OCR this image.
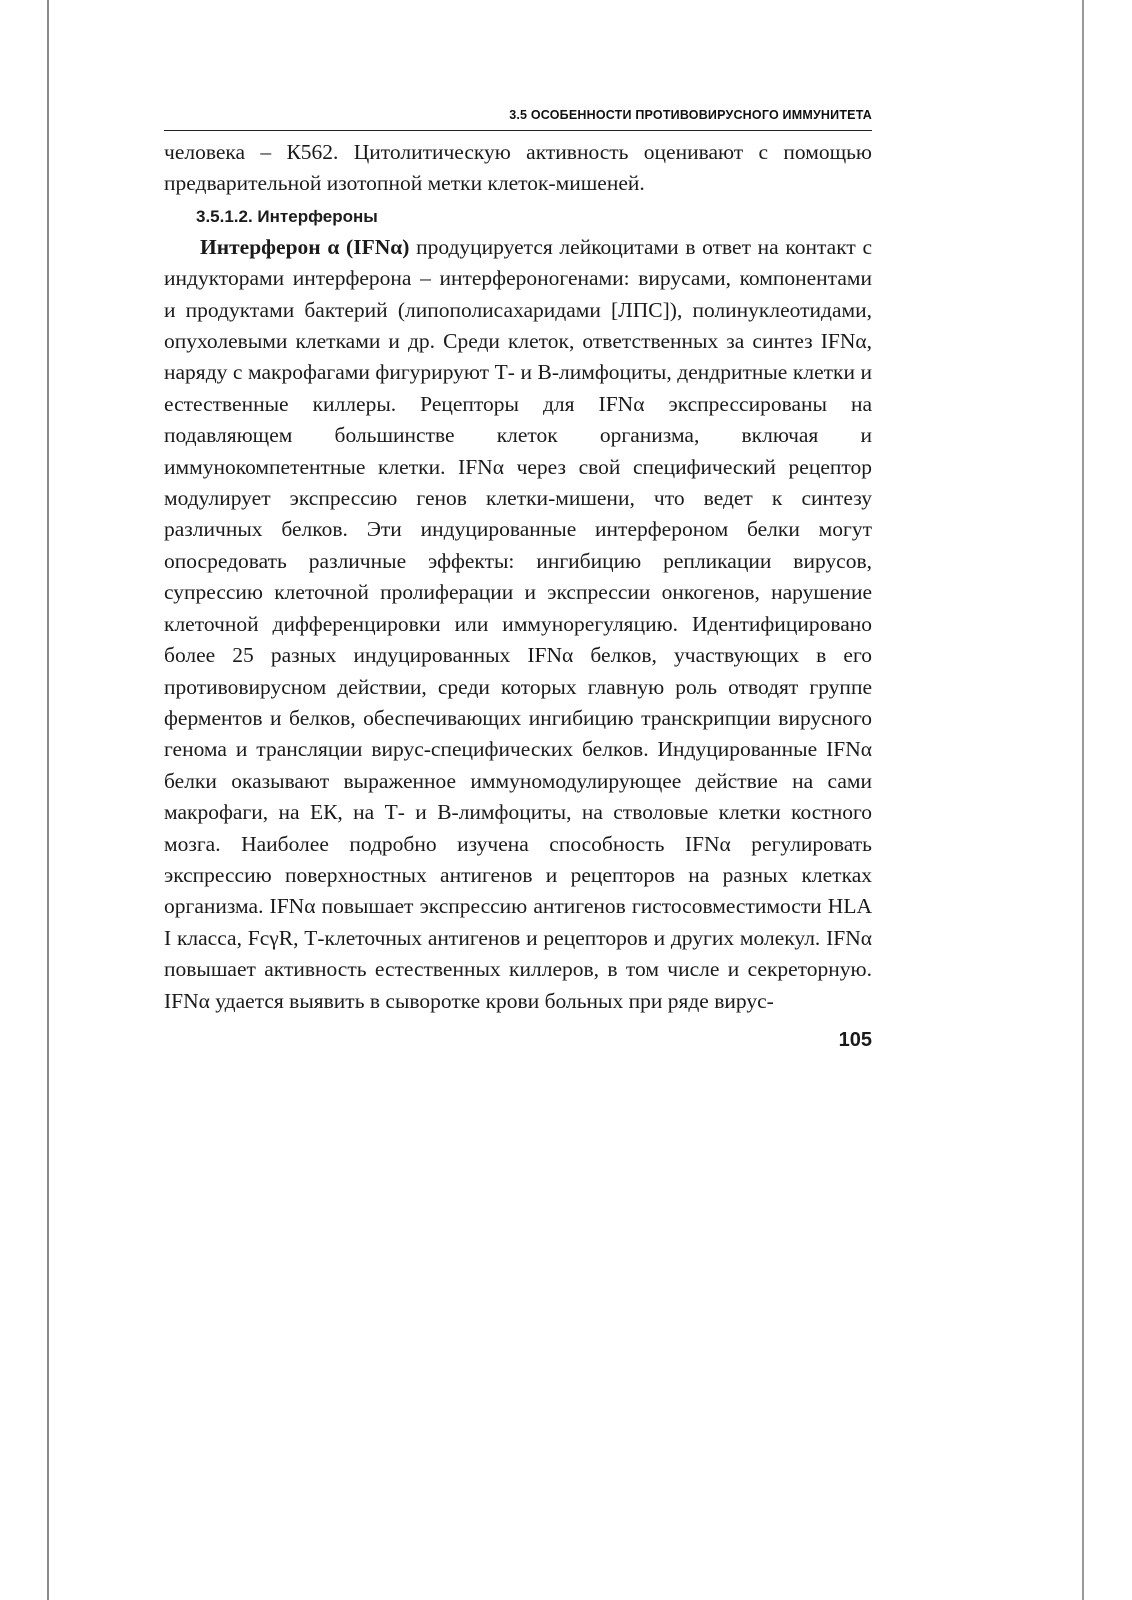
3.5 ОСОБЕННОСТИ ПРОТИВОВИРУСНОГО ИММУНИТЕТА

человека – К562. Цитолитическую активность оценивают с помощью предварительной изотопной метки клеток-мишеней.

3.5.1.2. Интерфероны

Интерферон α (IFNα) продуцируется лейкоцитами в ответ на контакт с индукторами интерферона – интерфероногенами: вирусами, компонентами и продуктами бактерий (липополисахаридами [ЛПС]), полинуклеотидами, опухолевыми клетками и др. Среди клеток, ответственных за синтез IFNα, наряду с макрофагами фигурируют Т- и В-лимфоциты, дендритные клетки и естественные киллеры. Рецепторы для IFNα экспрессированы на подавляющем большинстве клеток организма, включая и иммунокомпетентные клетки. IFNα через свой специфический рецептор модулирует экспрессию генов клетки-мишени, что ведет к синтезу различных белков. Эти индуцированные интерфероном белки могут опосредовать различные эффекты: ингибицию репликации вирусов, супрессию клеточной пролиферации и экспрессии онкогенов, нарушение клеточной дифференцировки или иммунорегуляцию. Идентифицировано более 25 разных индуцированных IFNα белков, участвующих в его противовирусном действии, среди которых главную роль отводят группе ферментов и белков, обеспечивающих ингибицию транскрипции вирусного генома и трансляции вирус-специфических белков. Индуцированные IFNα белки оказывают выраженное иммуномодулирующее действие на сами макрофаги, на ЕК, на Т- и В-лимфоциты, на стволовые клетки костного мозга. Наиболее подробно изучена способность IFNα регулировать экспрессию поверхностных антигенов и рецепторов на разных клетках организма. IFNα повышает экспрессию антигенов гистосовместимости HLA I класса, FcγR, Т-клеточных антигенов и рецепторов и других молекул. IFNα повышает активность естественных киллеров, в том числе и секреторную. IFNα удается выявить в сыворотке крови больных при ряде вирус-

105
